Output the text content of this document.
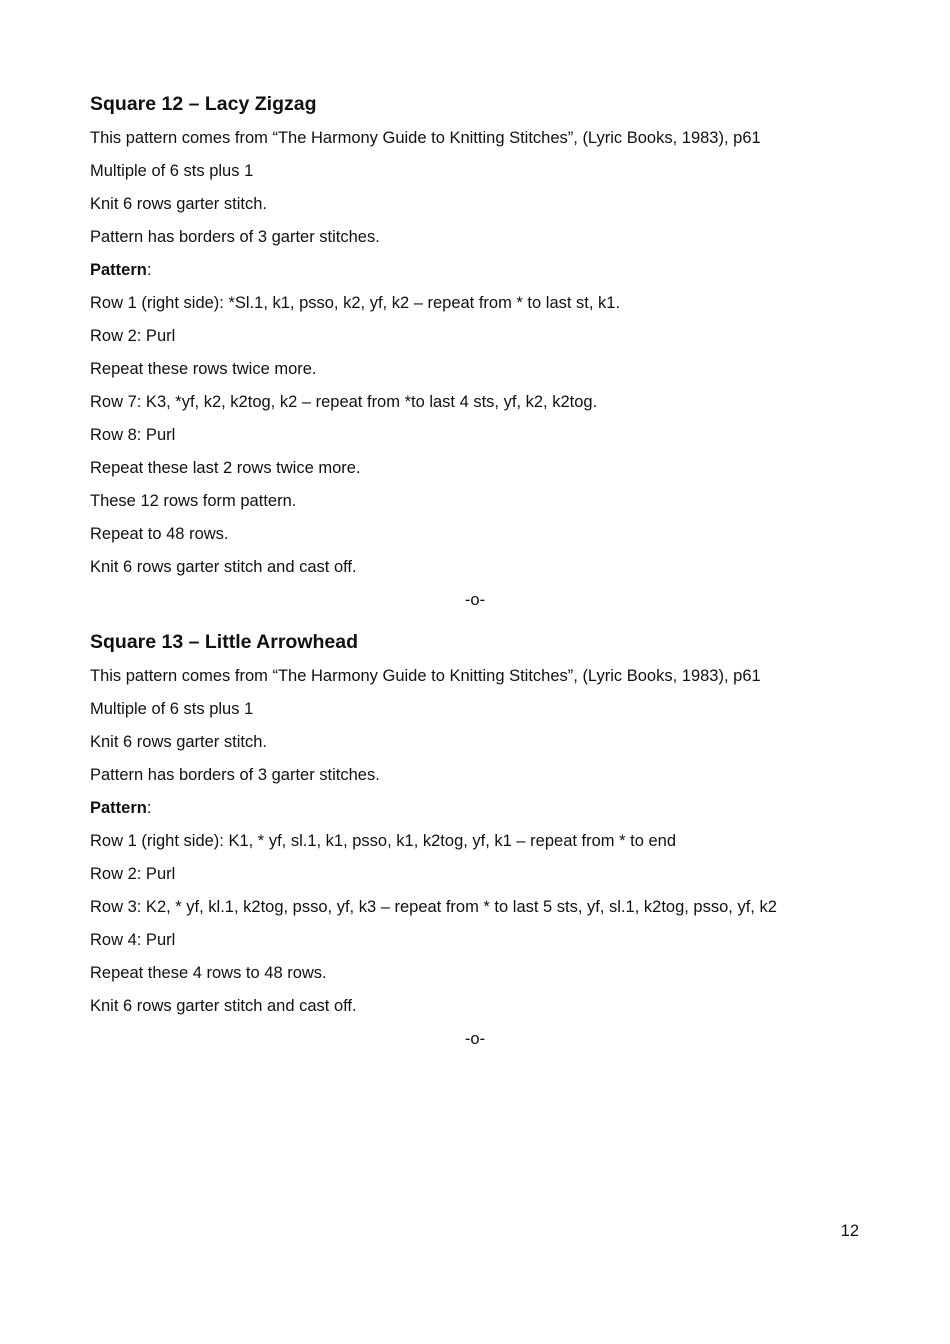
Square 12 – Lacy Zigzag

This pattern comes from “The Harmony Guide to Knitting Stitches”, (Lyric Books, 1983), p61

Multiple of 6 sts plus 1

Knit 6 rows garter stitch.

Pattern has borders of 3 garter stitches.

Pattern:

Row 1 (right side): *Sl.1, k1, psso, k2, yf, k2 – repeat from * to last st, k1.

Row 2: Purl

Repeat these rows twice more.

Row 7: K3, *yf, k2, k2tog, k2 – repeat from *to last 4 sts, yf, k2, k2tog.

Row 8: Purl

Repeat these last 2 rows twice more.

These 12 rows form pattern.

Repeat to 48 rows.

Knit 6 rows garter stitch and cast off.

-o-
Square 13 – Little Arrowhead

This pattern comes from “The Harmony Guide to Knitting Stitches”, (Lyric Books, 1983), p61

Multiple of 6 sts plus 1

Knit 6 rows garter stitch.

Pattern has borders of 3 garter stitches.

Pattern:

Row 1 (right side): K1, * yf, sl.1, k1, psso, k1, k2tog, yf, k1 – repeat from * to end

Row 2: Purl

Row 3: K2, * yf, kl.1, k2tog, psso, yf, k3 – repeat from * to last 5 sts, yf, sl.1, k2tog, psso, yf, k2

Row 4: Purl

Repeat these 4 rows to 48 rows.

Knit 6 rows garter stitch and cast off.

-o-
12
